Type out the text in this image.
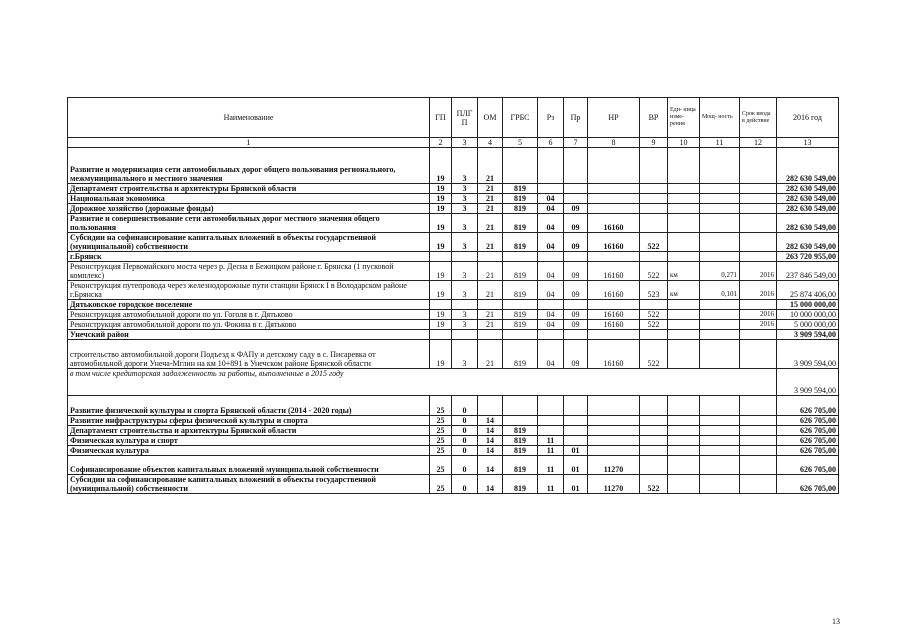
Наименование	ГП	ПЛГ П	ОМ	ГРБС	Рз	Пр	НР	ВР	Еди- ница изме- рения	Мощ- ность	Срок ввода в действие	2016 год
1	2	3	4	5	6	7	8	9	10	11	12	13
Развитие и модернизация сети автомобильных дорог общего пользования регионального, межмуниципального и местного значения	19	3	21									282 630 549,00
Департамент строительства и архитектуры Брянской области	19	3	21	819								282 630 549,00
Национальная экономика	19	3	21	819	04							282 630 549,00
Дорожное хозяйство (дорожные фонды)	19	3	21	819	04	09						282 630 549,00
Развитие и совершенствование сети автомобильных дорог местного значения общего пользования	19	3	21	819	04	09	16160					282 630 549,00
Субсидии на софинансирование капитальных вложений в объекты государственной (муниципальной) собственности	19	3	21	819	04	09	16160	522				282 630 549,00
г.Брянск												263 720 955,00
Реконструкция Первомайского моста через р. Десна в Бежицком районе г. Брянска (1 пусковой комплекс)	19	3	21	819	04	09	16160	522	км	0,271	2016	237 846 549,00
Реконструкция путепровода через железнодорожные пути станции Брянск I в Володарском районе г.Брянска	19	3	21	819	04	09	16160	523	км	0,101	2016	25 874 406,00
Дятьковское городское поселение												15 000 000,00
Реконструкция автомобильной дороги по ул. Гоголя в г. Дятьково	19	3	21	819	04	09	16160	522			2016	10 000 000,00
Реконструкция автомобильной дороги по ул. Фокина в г. Дятьково	19	3	21	819	04	09	16160	522			2016	5 000 000,00
Унечский район												3 909 594,00
строительство автомобильной дороги Подъезд к ФАПу и детскому саду в с. Писаревка от автомобильной дороги Унеча-Мглин на км 10+891 в Унечском районе Брянской области	19	3	21	819	04	09	16160	522				3 909 594,00
в том числе кредиторская задолженность за работы, выполненные в 2015 году												3 909 594,00
Развитие физической культуры и спорта Брянской области (2014 - 2020 годы)	25	0										626 705,00
Развитие инфраструктуры сферы физической культуры и спорта	25	0	14									626 705,00
Департамент строительства и архитектуры Брянской области	25	0	14	819								626 705,00
Физическая культура и спорт	25	0	14	819	11							626 705,00
Физическая культура	25	0	14	819	11	01						626 705,00
Софинансирование объектов капитальных вложений муниципальной собственности	25	0	14	819	11	01	11270					626 705,00
Субсидии на софинансирование капитальных вложений в объекты государственной (муниципальной) собственности	25	0	14	819	11	01	11270	522				626 705,00
13
